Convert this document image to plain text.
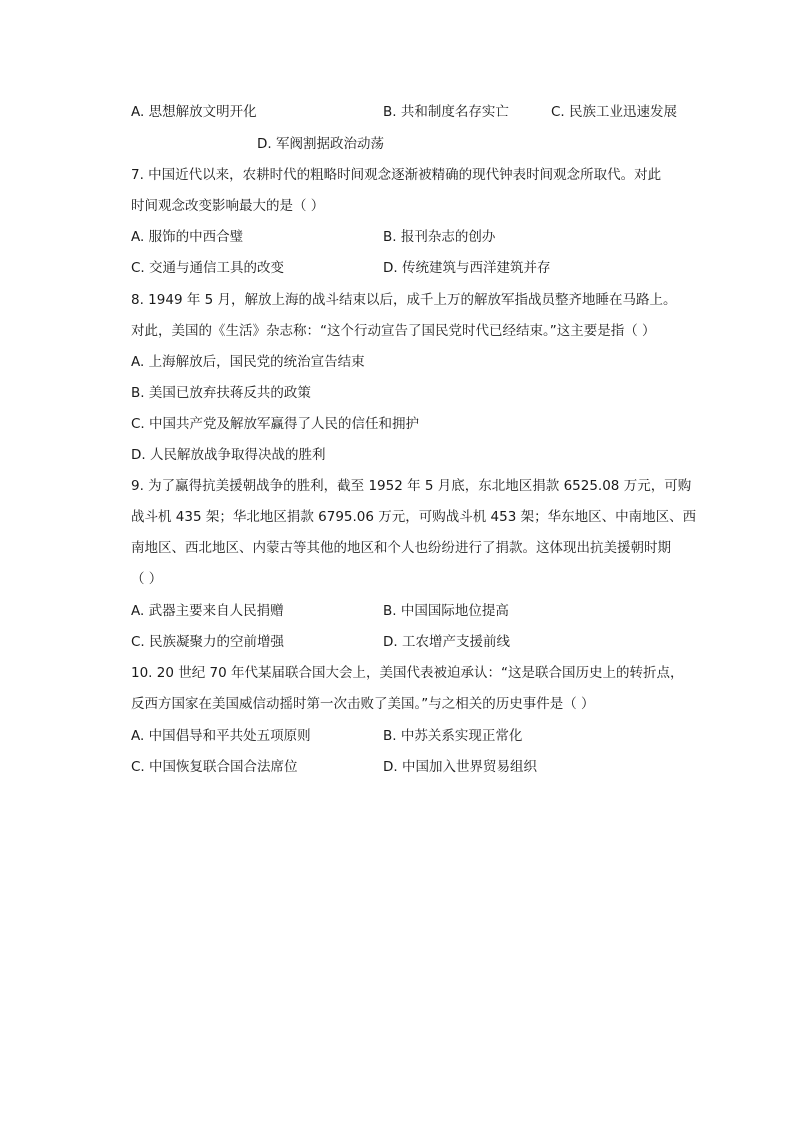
A. 思想解放文明开化	B. 共和制度名存实亡	C. 民族工业迅速发展
D. 军阀割据政治动荡
7. 中国近代以来，农耕时代的粗略时间观念逐渐被精确的现代钟表时间观念所取代。对此
时间观念改变影响最大的是（ ）
A. 服饰的中西合璧	B. 报刊杂志的创办
C. 交通与通信工具的改变	D. 传统建筑与西洋建筑并存
8. 1949 年 5 月，解放上海的战斗结束以后，成千上万的解放军指战员整齐地睡在马路上。
对此，美国的《生活》杂志称：“这个行动宣告了国民党时代已经结束。”这主要是指（ ）
A. 上海解放后，国民党的统治宣告结束
B. 美国已放弃扶蒋反共的政策
C. 中国共产党及解放军赢得了人民的信任和拥护
D. 人民解放战争取得决战的胜利
9. 为了赢得抗美援朝战争的胜利，截至 1952 年 5 月底，东北地区捐款 6525.08 万元，可购
战斗机 435 架；华北地区捐款 6795.06 万元，可购战斗机 453 架；华东地区、中南地区、西
南地区、西北地区、内蒙古等其他的地区和个人也纷纷进行了捐款。这体现出抗美援朝时期
（ ）
A. 武器主要来自人民捐赠	B. 中国国际地位提高
C. 民族凝聚力的空前增强	D. 工农增产支援前线
10. 20 世纪 70 年代某届联合国大会上，美国代表被迫承认：“这是联合国历史上的转折点，
反西方国家在美国威信动摇时第一次击败了美国。”与之相关的历史事件是（ ）
A. 中国倡导和平共处五项原则	B. 中苏关系实现正常化
C. 中国恢复联合国合法席位	D. 中国加入世界贸易组织
